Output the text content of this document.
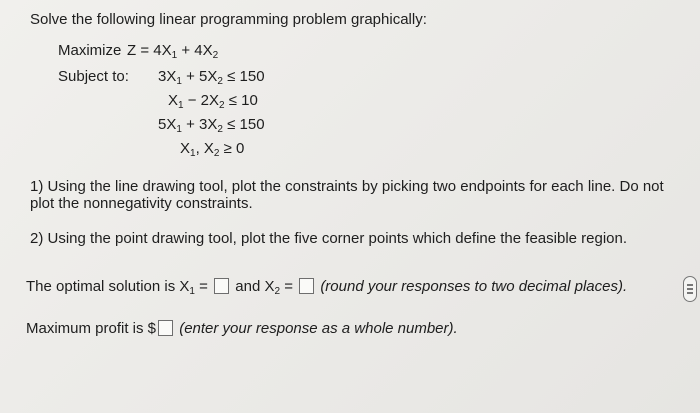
Solve the following linear programming problem graphically:
Maximize $Z = 4X_1 + 4X_2$
Subject to: $3X_1 + 5X_2 \le 150$
$X_1 - 2X_2 \le 10$
$5X_1 + 3X_2 \le 150$
$X_1$, $X_2 \ge 0$
1) Using the line drawing tool, plot the constraints by picking two endpoints for each line. Do not
plot the nonnegativity constraints.
2) Using the point drawing tool, plot the five corner points which define the feasible region.
The optimal solution is $X_1$ =  and $X_2$ = (round your responses to two decimal places).
Maximum profit is $ (enter your response as a whole number).
